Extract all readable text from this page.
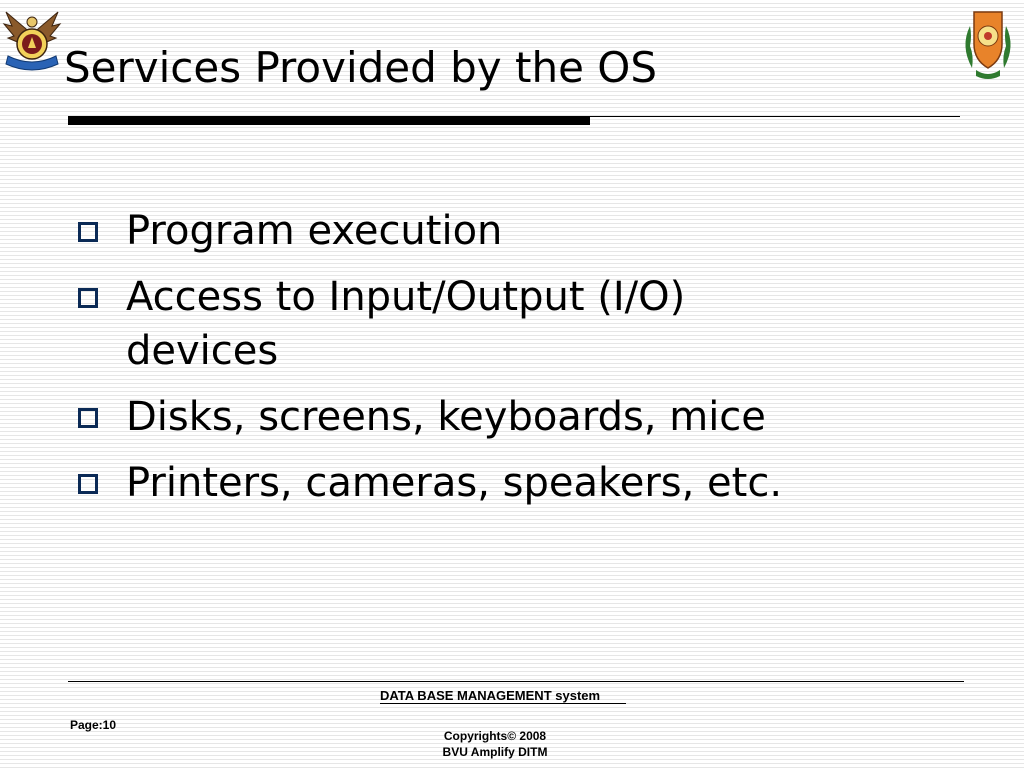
Services Provided by the OS
Program execution
Access to Input/Output (I/O) devices
Disks, screens, keyboards, mice
Printers, cameras, speakers, etc.
DATA BASE MANAGEMENT system
Page:10
Copyrights© 2008
BVU Amplify DITM
